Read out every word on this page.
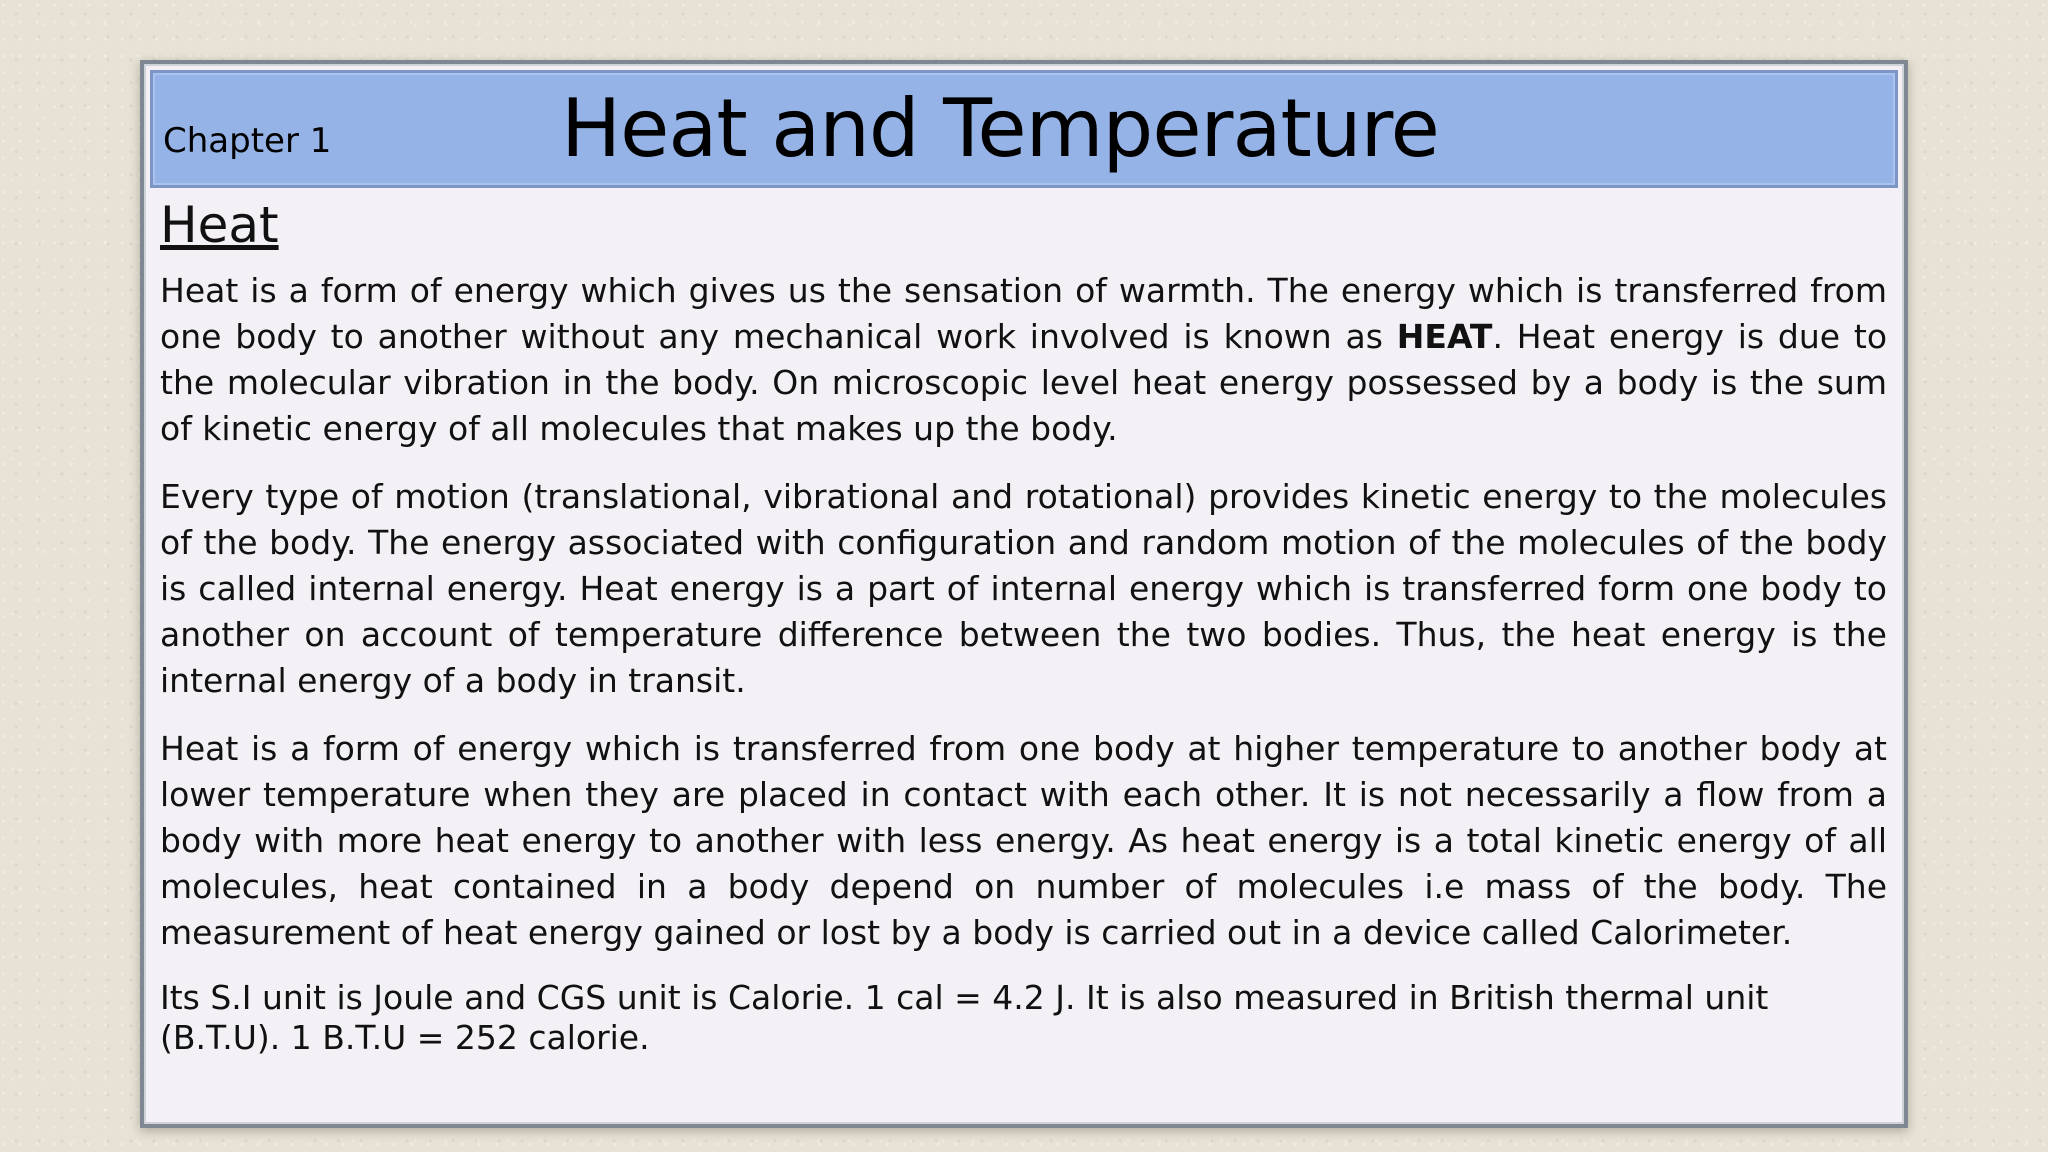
Chapter 1	Heat and Temperature
Heat

Heat is a form of energy which gives us the sensation of warmth. The energy which is transferred from one body to another without any mechanical work involved is known as HEAT. Heat energy is due to the molecular vibration in the body. On microscopic level heat energy possessed by a body is the sum of kinetic energy of all molecules that makes up the body.

Every type of motion (translational, vibrational and rotational) provides kinetic energy to the molecules of the body. The energy associated with configuration and random motion of the molecules of the body is called internal energy. Heat energy is a part of internal energy which is transferred form one body to another on account of temperature difference between the two bodies. Thus, the heat energy is the internal energy of a body in transit.

Heat is a form of energy which is transferred from one body at higher temperature to another body at lower temperature when they are placed in contact with each other. It is not necessarily a flow from a body with more heat energy to another with less energy. As heat energy is a total kinetic energy of all molecules, heat contained in a body depend on number of molecules i.e mass of the body. The measurement of heat energy gained or lost by a body is carried out in a device called Calorimeter.

Its S.I unit is Joule and CGS unit is Calorie. 1 cal = 4.2 J. It is also measured in British thermal unit (B.T.U). 1 B.T.U = 252 calorie.
